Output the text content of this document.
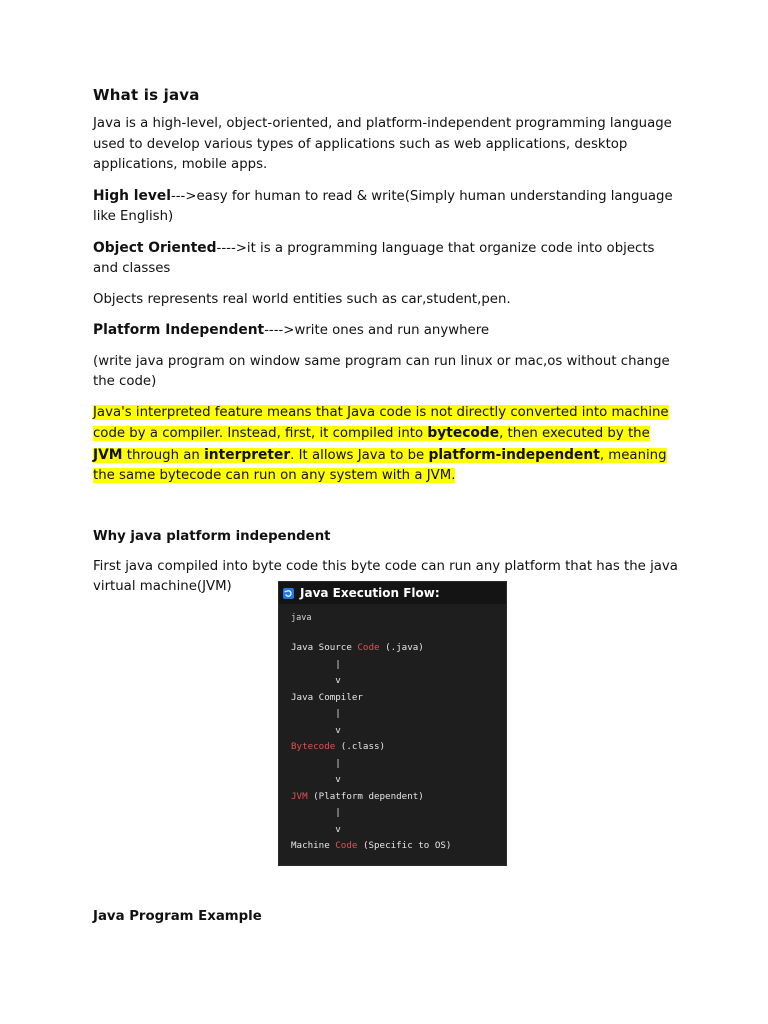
What is java

Java is a high-level, object-oriented, and platform-independent programming language used to develop various types of applications such as web applications, desktop applications, mobile apps.

High level--->easy for human to read & write(Simply human understanding language like English)

Object Oriented---->it is a programming language that organize code into objects and classes

Objects represents real world entities such as car,student,pen.

Platform Independent---->write ones and run anywhere

(write java program on window same program can run linux or mac,os without change the code)

Java's interpreted feature means that Java code is not directly converted into machine code by a compiler. Instead, first, it compiled into bytecode, then executed by the JVM through an interpreter. It allows Java to be platform-independent, meaning the same bytecode can run on any system with a JVM.

Why java platform independent

First java compiled into byte code this byte code can run any platform that has the java virtual machine(JVM)	Java Execution Flow:
java
Java Source Code (.java)
|
v
Java Compiler
|
v
Bytecode (.class)
|
v
JVM (Platform dependent)
|
v
Machine Code (Specific to OS)
Java Program Example
